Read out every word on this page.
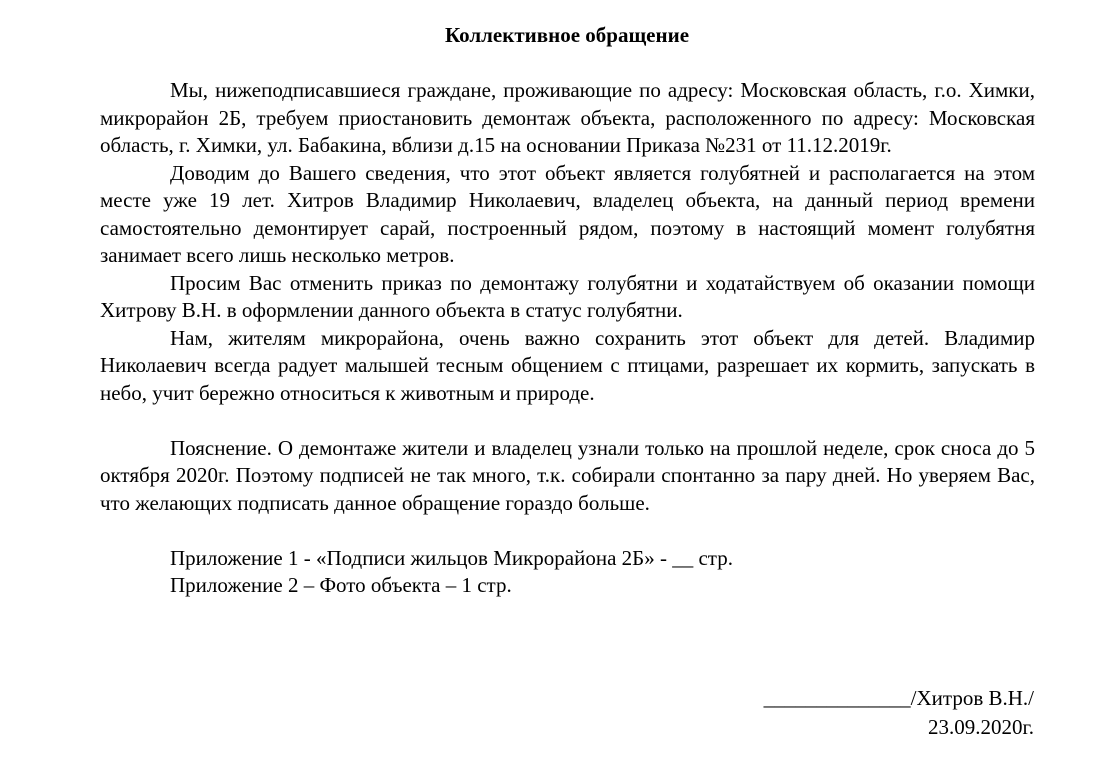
Коллективное обращение

Мы, нижеподписавшиеся граждане, проживающие по адресу: Московская область, г.о. Химки, микрорайон 2Б, требуем приостановить демонтаж объекта, расположенного по адресу: Московская область, г. Химки, ул. Бабакина, вблизи д.15 на основании Приказа №231 от 11.12.2019г.

Доводим до Вашего сведения, что этот объект является голубятней и располагается на этом месте уже 19 лет. Хитров Владимир Николаевич, владелец объекта, на данный период времени самостоятельно демонтирует сарай, построенный рядом, поэтому в настоящий момент голубятня занимает всего лишь несколько метров.

Просим Вас отменить приказ по демонтажу голубятни и ходатайствуем об оказании помощи Хитрову В.Н. в оформлении данного объекта в статус голубятни.

Нам, жителям микрорайона, очень важно сохранить этот объект для детей. Владимир Николаевич всегда радует малышей тесным общением с птицами, разрешает их кормить, запускать в небо, учит бережно относиться к животным и природе.

Пояснение. О демонтаже жители и владелец узнали только на прошлой неделе, срок сноса до 5 октября 2020г. Поэтому подписей не так много, т.к. собирали спонтанно за пару дней. Но уверяем Вас, что желающих подписать данное обращение гораздо больше.

Приложение 1 - «Подписи жильцов Микрорайона 2Б» - __ стр.

Приложение 2 – Фото объекта – 1 стр.

______________/Хитров В.Н./
23.09.2020г.
